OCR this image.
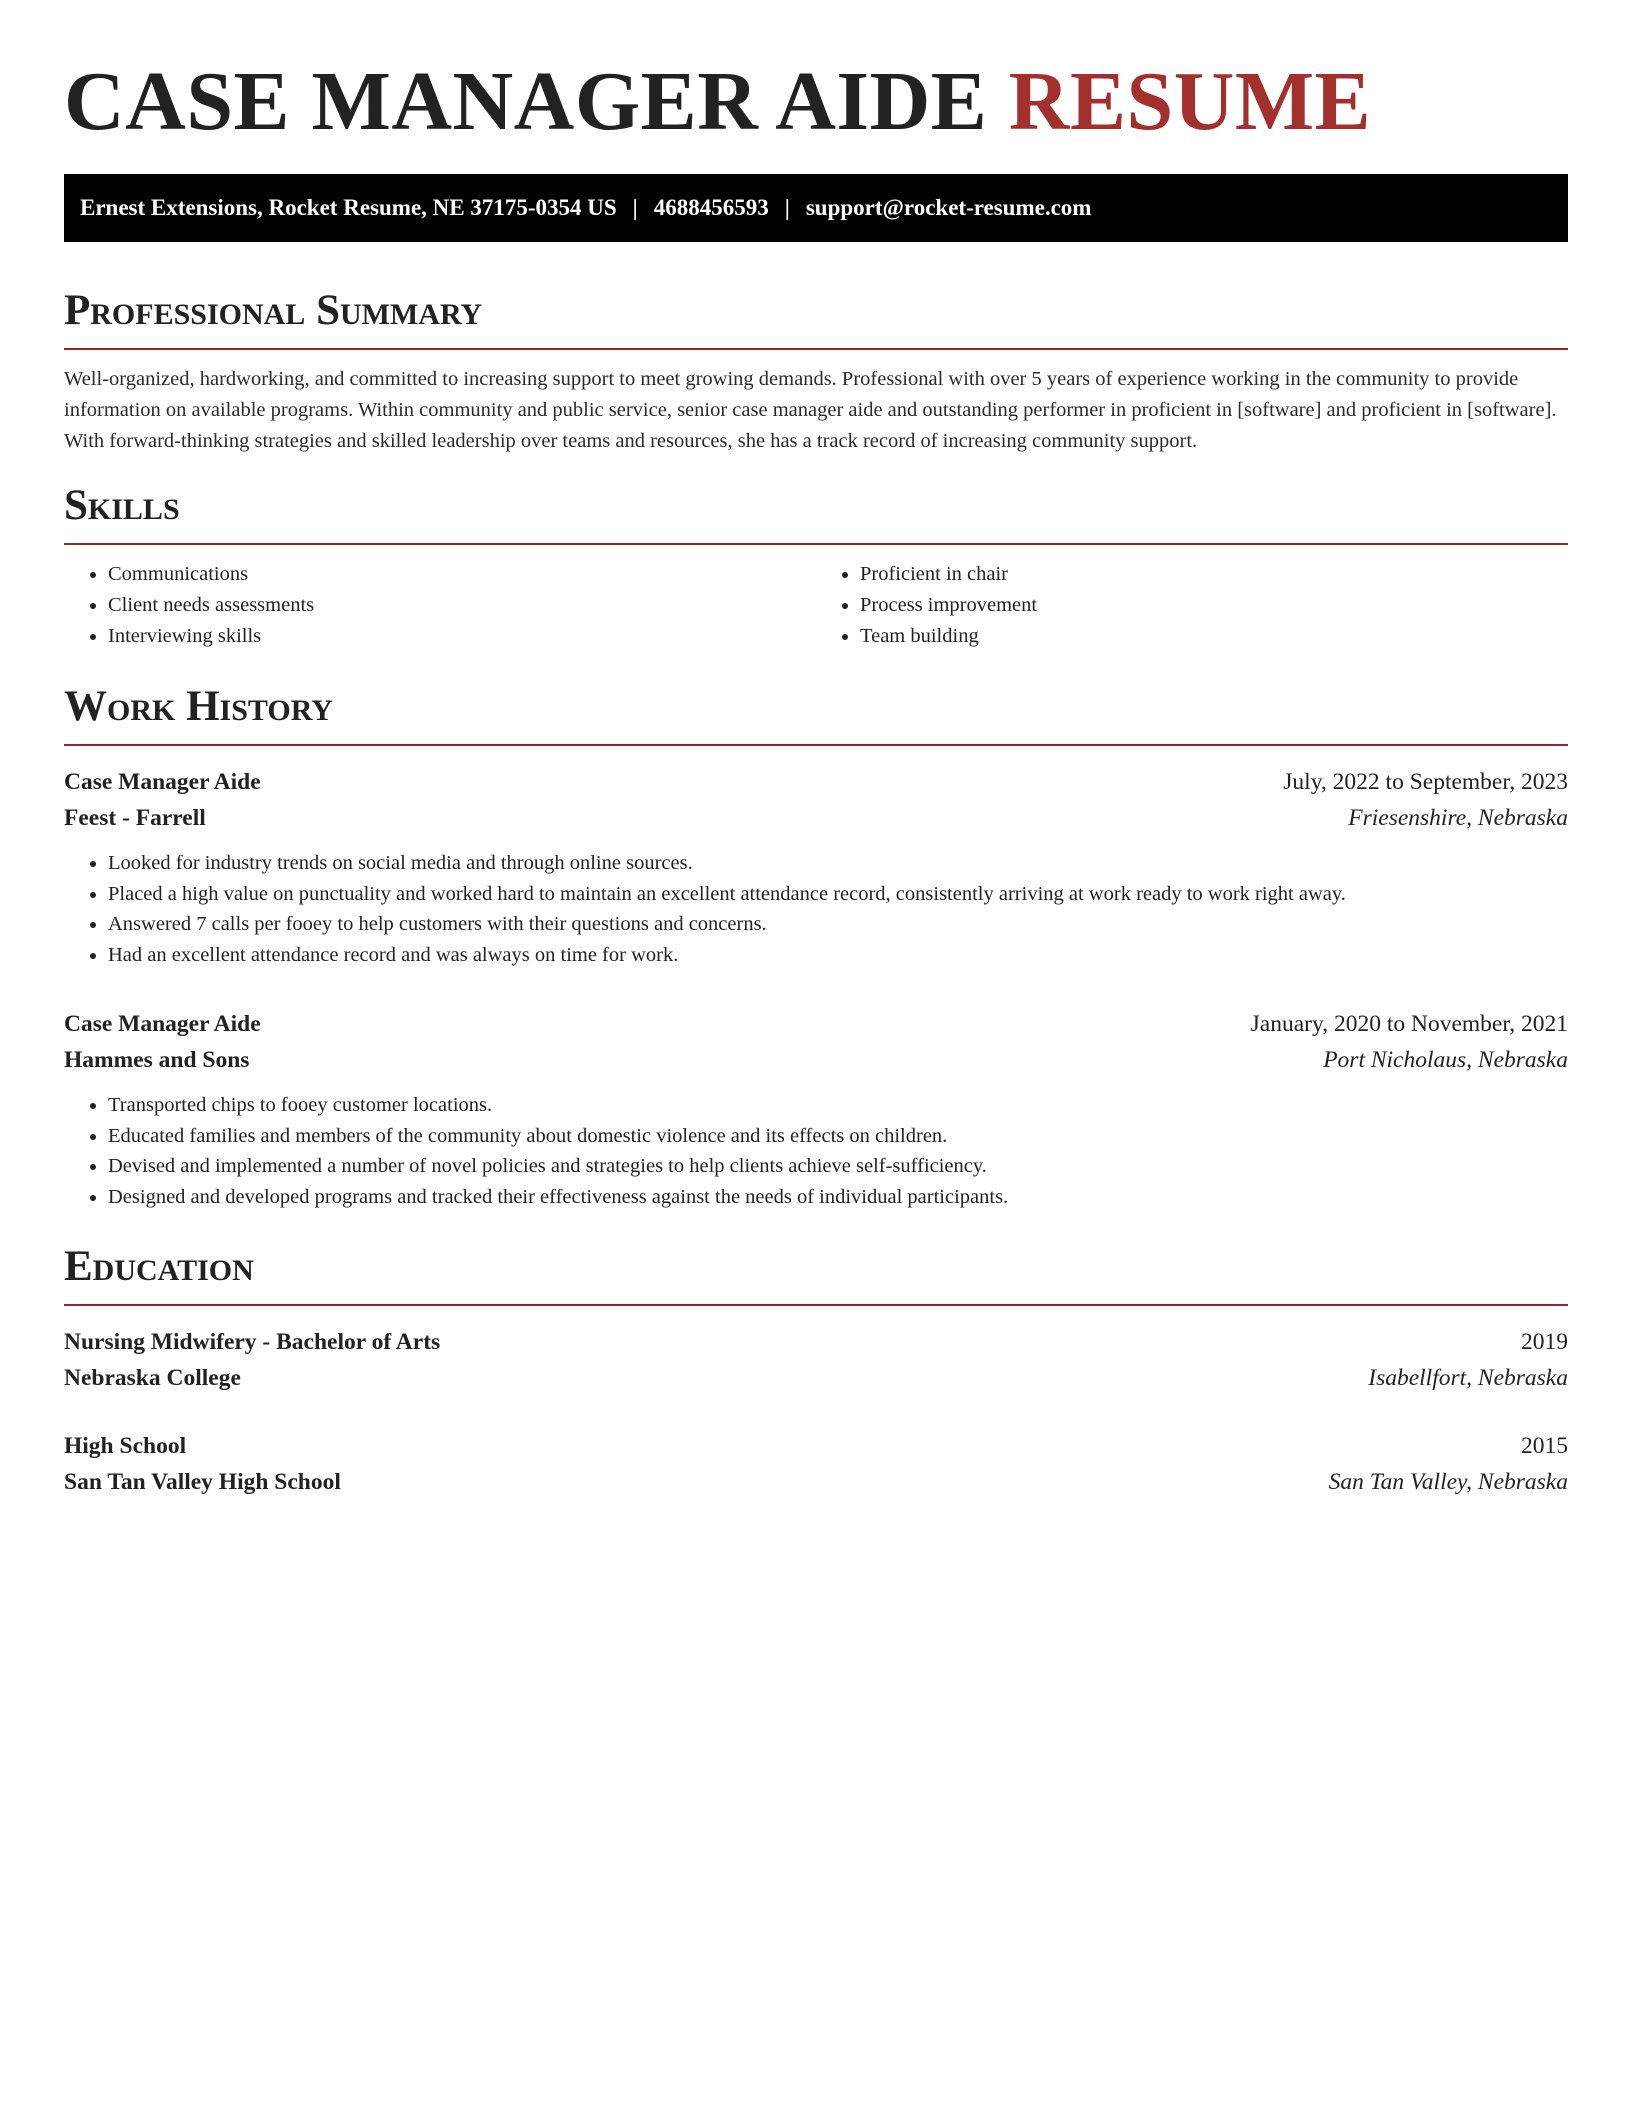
CASE MANAGER AIDE RESUME
Ernest Extensions, Rocket Resume, NE 37175-0354 US | 4688456593 | support@rocket-resume.com
Professional Summary

Well-organized, hardworking, and committed to increasing support to meet growing demands. Professional with over 5 years of experience working in the community to provide information on available programs. Within community and public service, senior case manager aide and outstanding performer in proficient in [software] and proficient in [software]. With forward-thinking strategies and skilled leadership over teams and resources, she has a track record of increasing community support.

Skills
• Communications
• Client needs assessments
• Interviewing skills
• Proficient in chair
• Process improvement
• Team building
Work History
Case Manager Aide	July, 2022 to September, 2023
Feest - Farrell	Friesenshire, Nebraska
• Looked for industry trends on social media and through online sources.
• Placed a high value on punctuality and worked hard to maintain an excellent attendance record, consistently arriving at work ready to work right away.
• Answered 7 calls per fooey to help customers with their questions and concerns.
• Had an excellent attendance record and was always on time for work.
Case Manager Aide	January, 2020 to November, 2021
Hammes and Sons	Port Nicholaus, Nebraska
• Transported chips to fooey customer locations.
• Educated families and members of the community about domestic violence and its effects on children.
• Devised and implemented a number of novel policies and strategies to help clients achieve self-sufficiency.
• Designed and developed programs and tracked their effectiveness against the needs of individual participants.
Education
Nursing Midwifery - Bachelor of Arts	2019
Nebraska College	Isabellfort, Nebraska
High School	2015
San Tan Valley High School	San Tan Valley, Nebraska
